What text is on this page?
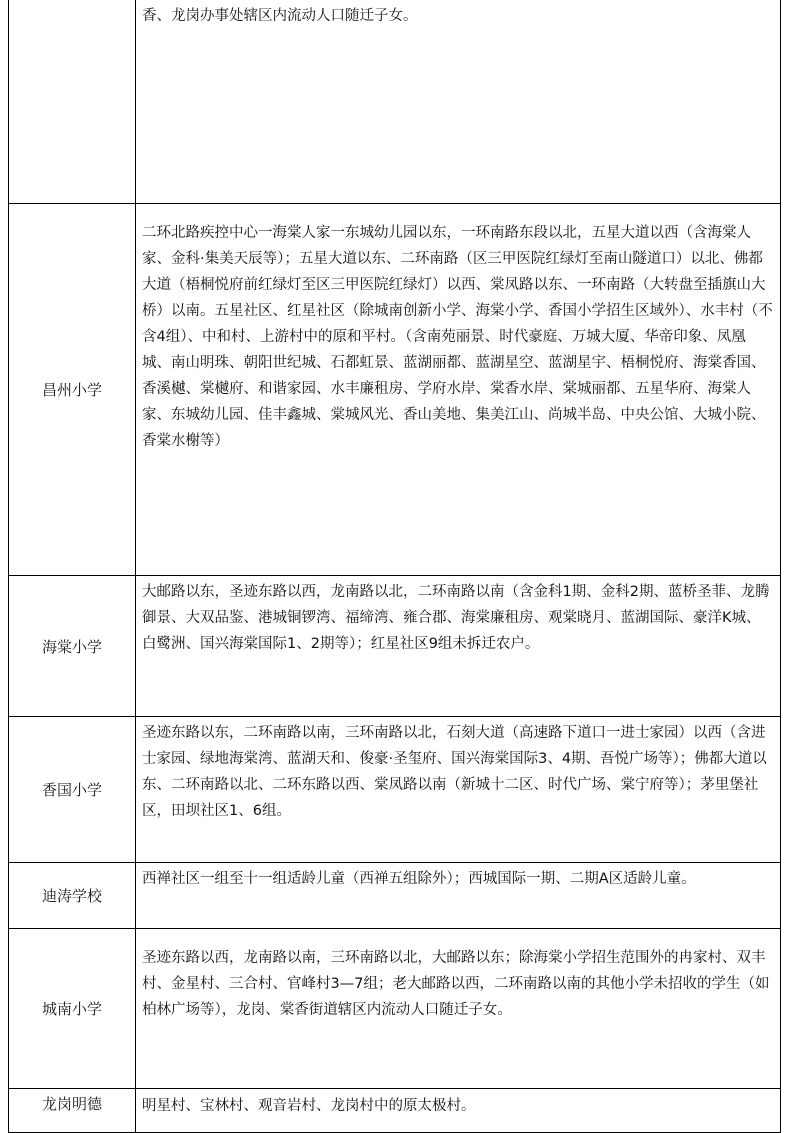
	香、龙岗办事处辖区内流动人口随迁子女。
昌州小学	二环北路疾控中心一海棠人家一东城幼儿园以东，一环南路东段以北，五星大道以西（含海棠人家、金科·集美天辰等）；五星大道以东、二环南路（区三甲医院红绿灯至南山隧道口）以北、佛都大道（梧桐悦府前红绿灯至区三甲医院红绿灯）以西、棠凤路以东、一环南路（大转盘至插旗山大桥）以南。五星社区、红星社区（除城南创新小学、海棠小学、香国小学招生区域外）、水丰村（不含4组）、中和村、上游村中的原和平村。（含南苑丽景、时代豪庭、万城大厦、华帝印象、凤凰城、南山明珠、朝阳世纪城、石都虹景、蓝湖丽都、蓝湖星空、蓝湖星宇、梧桐悦府、海棠香国、香溪樾、棠樾府、和谐家园、水丰廉租房、学府水岸、棠香水岸、棠城丽都、五星华府、海棠人家、东城幼儿园、佳丰鑫城、棠城风光、香山美地、集美江山、尚城半岛、中央公馆、大城小院、香棠水榭等）
海棠小学	大邮路以东，圣迹东路以西，龙南路以北，二环南路以南（含金科1期、金科2期、蓝桥圣菲、龙腾御景、大双品鉴、港城铜锣湾、福缔湾、雍合郡、海棠廉租房、观棠晓月、蓝湖国际、豪洋K城、白鹭洲、国兴海棠国际1、2期等）；红星社区9组未拆迁农户。
香国小学	圣迹东路以东，二环南路以南，三环南路以北，石刻大道（高速路下道口一进士家园）以西（含进士家园、绿地海棠湾、蓝湖天和、俊豪·圣玺府、国兴海棠国际3、4期、吾悦广场等）；佛都大道以东、二环南路以北、二环东路以西、棠凤路以南（新城十二区、时代广场、棠宁府等）；茅里堡社区，田坝社区1、6组。
迪涛学校	西禅社区一组至十一组适龄儿童（西禅五组除外）；西城国际一期、二期A区适龄儿童。
城南小学	圣迹东路以西，龙南路以南，三环南路以北，大邮路以东；除海棠小学招生范围外的冉家村、双丰村、金星村、三合村、官峰村3—7组；老大邮路以西，二环南路以南的其他小学未招收的学生（如柏林广场等），龙岗、棠香街道辖区内流动人口随迁子女。
龙岗明德	明星村、宝林村、观音岩村、龙岗村中的原太极村。
